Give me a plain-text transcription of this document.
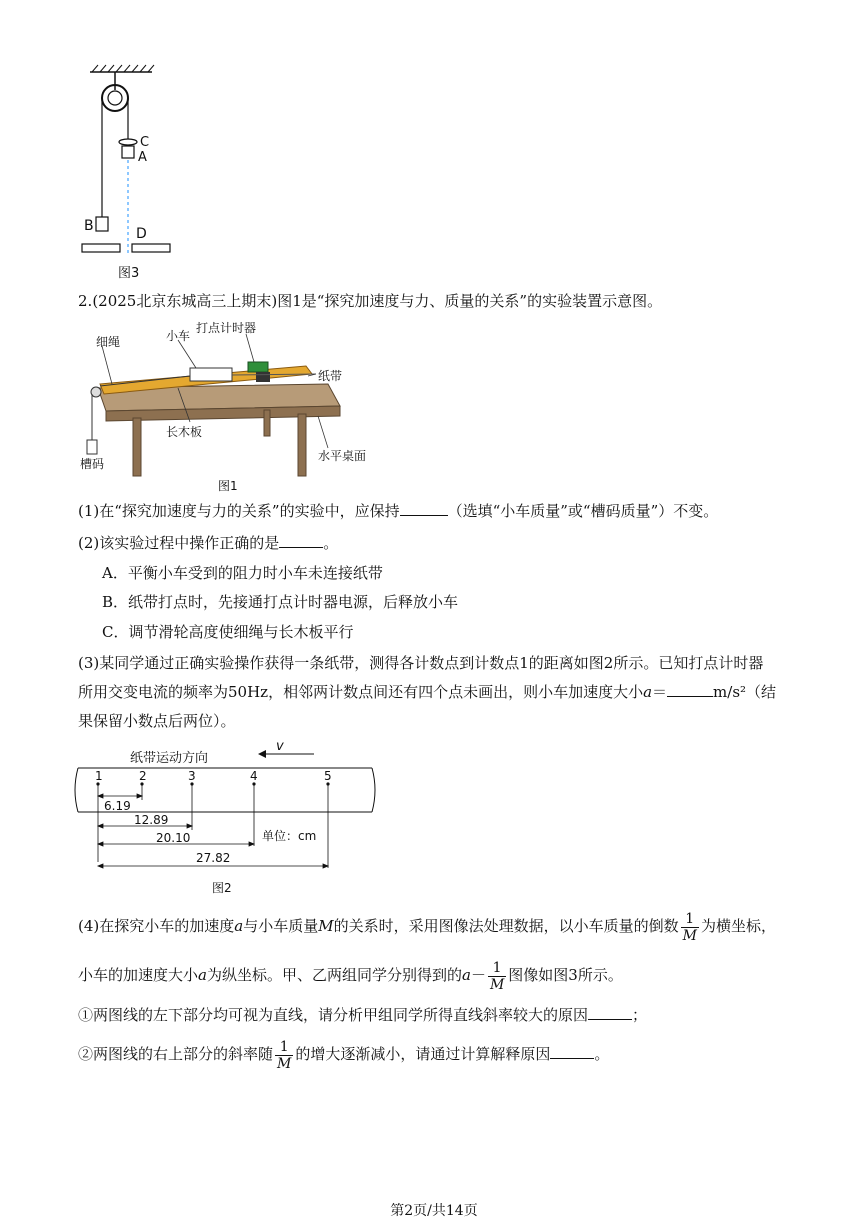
C
A
B	D
图3
2.(2025北京东城高三上期末)图1是“探究加速度与力、质量的关系”的实验装置示意图。
细绳	小车
打点计时器
纸带
长木板
槽码
水平桌面
图1
(1)在“探究加速度与力的关系”的实验中，应保持	（选填“小车质量”或“槽码质量”）不变。
(2)该实验过程中操作正确的是	。
A．平衡小车受到的阻力时小车未连接纸带
B．纸带打点时，先接通打点计时器电源，后释放小车
C．调节滑轮高度使细绳与长木板平行
(3)某同学通过正确实验操作获得一条纸带，测得各计数点到计数点1的距离如图2所示。已知打点计时器
所用交变电流的频率为50Hz，相邻两计数点间还有四个点未画出，则小车加速度大小a＝	m/s²（结
果保留小数点后两位）。
纸带运动方向
v
1	2	3	4	5
6.19
12.89
20.10
27.82
单位：cm
图2
(4)在探究小车的加速度a与小车质量M的关系时，采用图像法处理数据，以小车质量的倒数 $\frac{1}{M}$ 为横坐标，
小车的加速度大小a为纵坐标。甲、乙两组同学分别得到的$a- \frac{1}{M}$ 图像如图3所示。
①两图线的左下部分均可视为直线，请分析甲组同学所得直线斜率较大的原因	；
②两图线的右上部分的斜率随 $\frac{1}{M}$ 的增大逐渐减小，请通过计算解释原因	。
第2页/共14页
